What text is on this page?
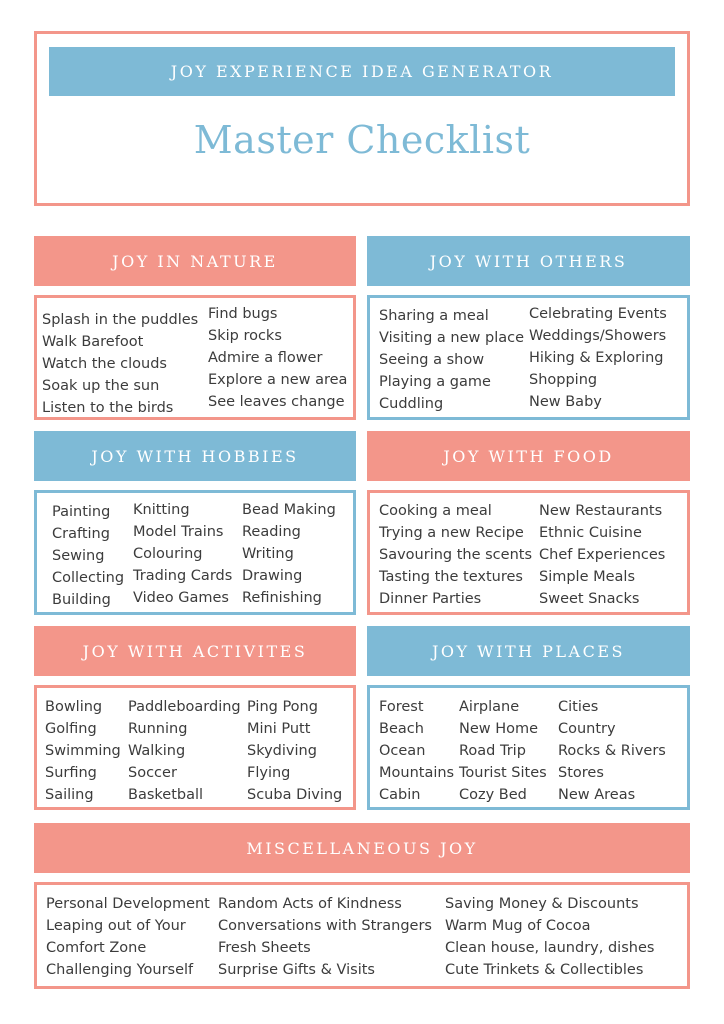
JOY EXPERIENCE IDEA GENERATOR
Master Checklist
JOY IN NATURE
Splash in the puddles
Walk Barefoot
Watch the clouds
Soak up the sun
Listen to the birds
Find bugs
Skip rocks
Admire a flower
Explore a new area
See leaves change
JOY WITH OTHERS
Sharing a meal
Visiting a new place
Seeing a show
Playing a game
Cuddling
Celebrating Events
Weddings/Showers
Hiking & Exploring
Shopping
New Baby
JOY WITH HOBBIES
Painting
Crafting
Sewing
Collecting
Building
Knitting
Model Trains
Colouring
Trading Cards
Video Games
Bead Making
Reading
Writing
Drawing
Refinishing
JOY WITH FOOD
Cooking a meal
Trying a new Recipe
Savouring the scents
Tasting the textures
Dinner Parties
New Restaurants
Ethnic Cuisine
Chef Experiences
Simple Meals
Sweet Snacks
JOY WITH ACTIVITES
Bowling
Golfing
Swimming
Surfing
Sailing
Paddleboarding
Running
Walking
Soccer
Basketball
Ping Pong
Mini Putt
Skydiving
Flying
Scuba Diving
JOY WITH PLACES
Forest
Beach
Ocean
Mountains
Cabin
Airplane
New Home
Road Trip
Tourist Sites
Cozy Bed
Cities
Country
Rocks & Rivers
Stores
New Areas
MISCELLANEOUS JOY
Personal Development
Leaping out of Your
Comfort Zone
Challenging Yourself
Random Acts of Kindness
Conversations with Strangers
Fresh Sheets
Surprise Gifts & Visits
Saving Money & Discounts
Warm Mug of Cocoa
Clean house, laundry, dishes
Cute Trinkets & Collectibles
